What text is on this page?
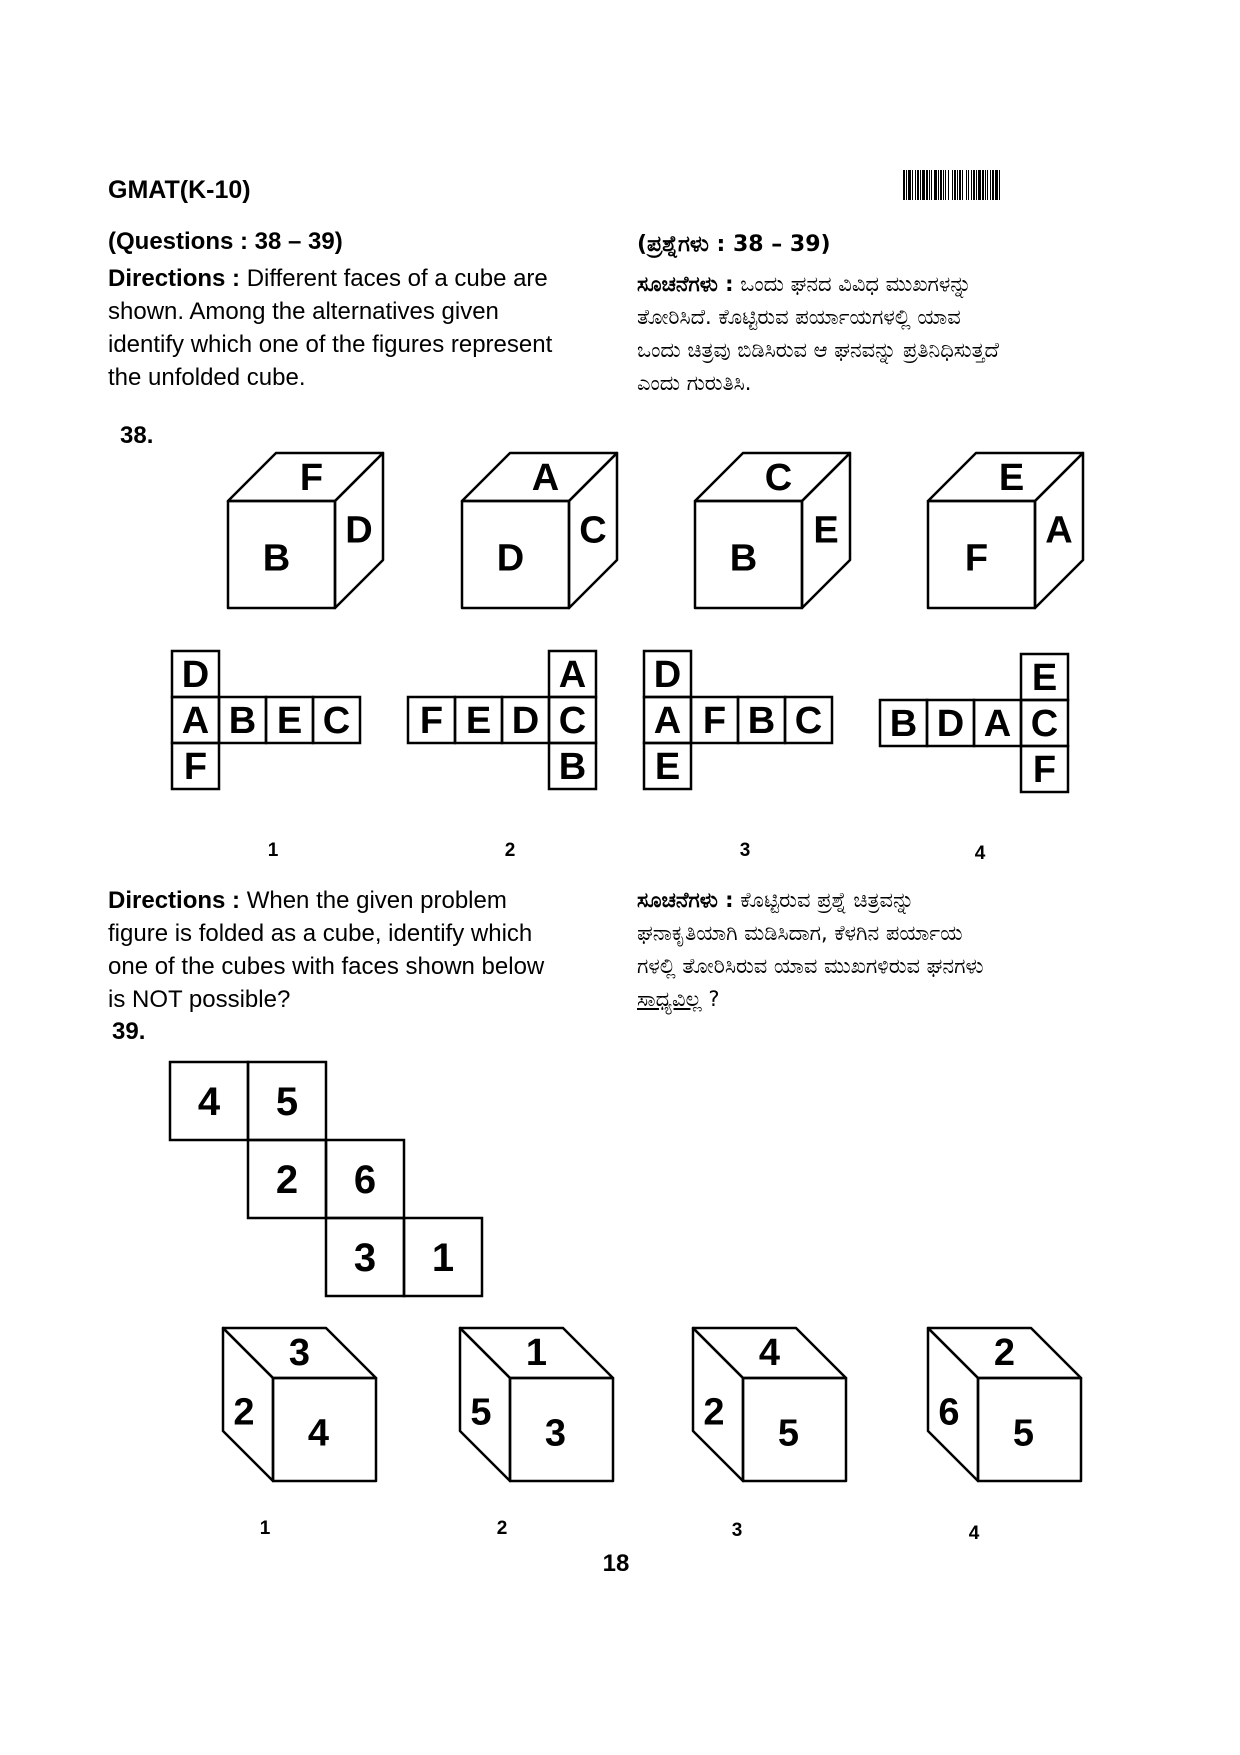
GMAT(K-10)
(Questions : 38 – 39)	(ಪ್ರಶ್ನೆಗಳು : 38 – 39)
Directions : Different faces of a cube are
shown. Among the alternatives given
identify which one of the figures represent
the unfolded cube.
ಸೂಚನೆಗಳು : ಒಂದು ಘನದ ವಿವಿಧ ಮುಖಗಳನ್ನು
ತೋರಿಸಿದೆ. ಕೊಟ್ಟಿರುವ ಪರ್ಯಾಯಗಳಲ್ಲಿ ಯಾವ
ಒಂದು ಚಿತ್ರವು ಬಿಡಿಸಿರುವ ಆ ಘನವನ್ನು ಪ್ರತಿನಿಧಿಸುತ್ತದೆ
ಎಂದು ಗುರುತಿಸಿ.
38.
F
B
D
A
D
C
C
B
E
E
F
A
D
A B E C
F
F E D C
A
B
D
A F B C
E
B D A C
E
F
1	2	3	4
Directions : When the given problem
figure is folded as a cube, identify which
one of the cubes with faces shown below
is NOT possible?
ಸೂಚನೆಗಳು : ಕೊಟ್ಟಿರುವ ಪ್ರಶ್ನೆ ಚಿತ್ರವನ್ನು
ಘನಾಕೃತಿಯಾಗಿ ಮಡಿಸಿದಾಗ, ಕೆಳಗಿನ ಪರ್ಯಾಯ
ಗಳಲ್ಲಿ ತೋರಿಸಿರುವ ಯಾವ ಮುಖಗಳಿರುವ ಘನಗಳು
ಸಾಧ್ಯವಿಲ್ಲ ?
39.
4 5
2 6
3 1
3
4
2
1
3
5
4
5
2
2
5
6
1	2	3	4
18
